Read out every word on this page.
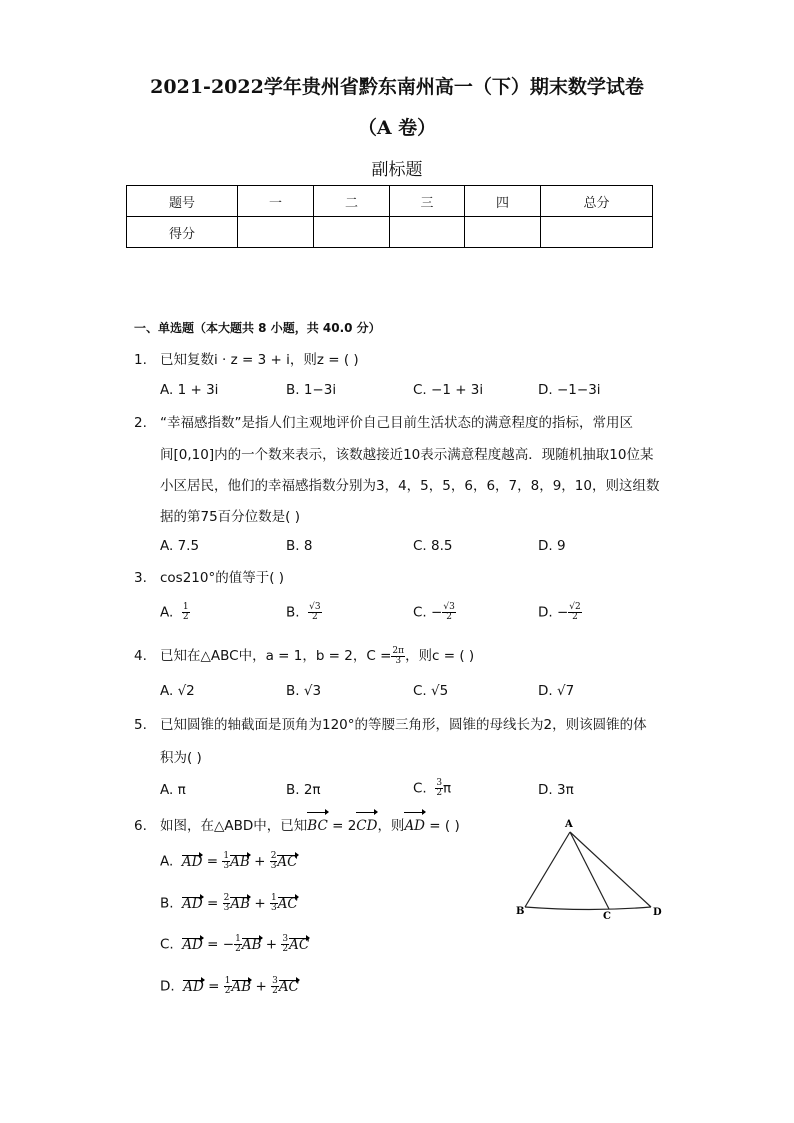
2021-2022学年贵州省黔东南州高一（下）期末数学试卷
（A 卷）
副标题
题号	一	二	三	四	总分
得分					
一、单选题（本大题共 8 小题，共 40.0 分）
1. 已知复数i · z = 3 + i，则z = ( )
A. 1 + 3i	B. 1−3i	C. −1 + 3i	D. −1−3i
2. “幸福感指数”是指人们主观地评价自己目前生活状态的满意程度的指标，常用区
间[0,10]内的一个数来表示，该数越接近10表示满意程度越高．现随机抽取10位某
小区居民，他们的幸福感指数分别为3，4，5，5，6，6，7，8，9，10，则这组数
据的第75百分位数是( )
A. 7.5	B. 8	C. 8.5	D. 9
3. cos210°的值等于( )
A. $\frac{1}{2}$	B. $\frac{√3}{2}$	C. − $\frac{√3}{2}$	D. − $\frac{√2}{2}$
4. 已知在△ABC中，a = 1，b = 2，$C = \frac{2\pi}{3}$ ，则c = ( )
A. √2	B. √3	C. √5	D. √7
5. 已知圆锥的轴截面是顶角为120°的等腰三角形，圆锥的母线长为2，则该圆锥的体
积为( )
A. π	B. 2π	C. $\frac{3}{2}$ π	D. 3π
6. 如图，在△ABD中，已知BC = 2CD，则AD = ( )
A. AD = $\frac{1}{3}$ AB + $\frac{2}{3}$ AC
B. AD = $\frac{2}{3}$ AB + $\frac{1}{3}$ AC
C. AD = − $\frac{1}{2}$ AB + $\frac{3}{2}$ AC
D. AD = $\frac{1}{2}$ AB + $\frac{3}{2}$ AC
A
B	C	D
